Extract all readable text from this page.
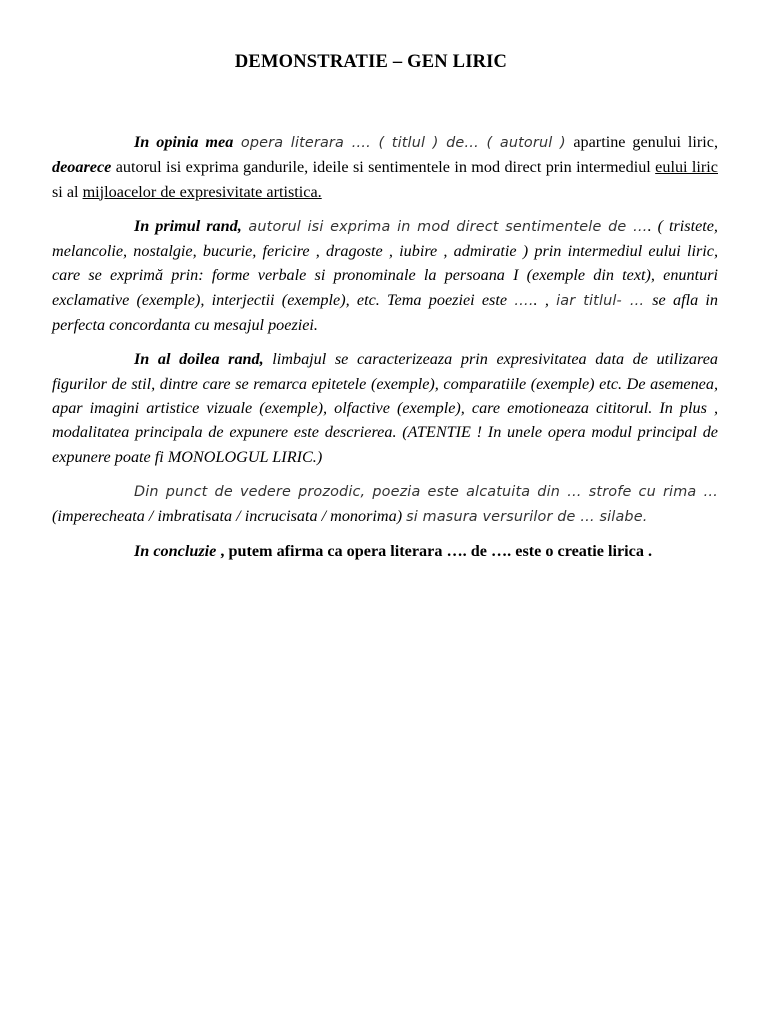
DEMONSTRATIE – GEN LIRIC

In opinia mea opera literara …. ( titlul ) de… ( autorul ) apartine genului liric, deoarece autorul isi exprima gandurile, ideile si sentimentele in mod direct prin intermediul eului liric si al mijloacelor de expresivitate artistica.

In primul rand, autorul isi exprima in mod direct sentimentele de …. ( tristete, melancolie, nostalgie, bucurie, fericire , dragoste , iubire , admiratie ) prin intermediul eului liric, care se exprimă prin: forme verbale si pronominale la persoana I (exemple din text), enunturi exclamative (exemple), interjectii (exemple), etc. Tema poeziei este ….. , iar titlul- … se afla in perfecta concordanta cu mesajul poeziei.

In al doilea rand, limbajul se caracterizeaza prin expresivitatea data de utilizarea figurilor de stil, dintre care se remarca epitetele (exemple), comparatiile (exemple) etc. De asemenea, apar imagini artistice vizuale (exemple), olfactive (exemple), care emotioneaza cititorul. In plus , modalitatea principala de expunere este descrierea. (ATENTIE ! In unele opera modul principal de expunere poate fi MONOLOGUL LIRIC.)

Din punct de vedere prozodic, poezia este alcatuita din … strofe cu rima … (imperecheata / imbratisata / incrucisata / monorima) si masura versurilor de … silabe.

In concluzie , putem afirma ca opera literara …. de …. este o creatie lirica .
